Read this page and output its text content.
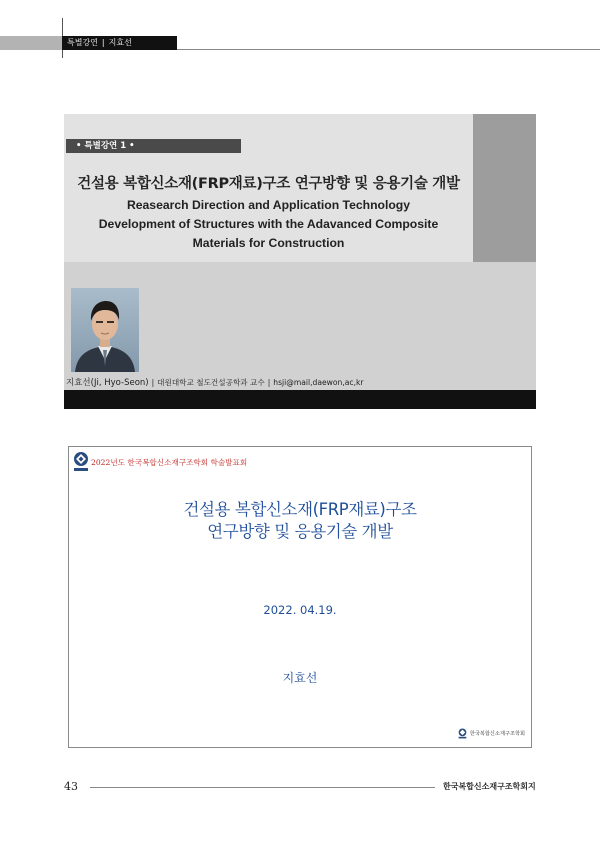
특별강연 | 지효선
• 특별강연 1 •
건설용 복합신소재(FRP재료)구조 연구방향 및 응용기술 개발
Reasearch Direction and Application Technology
Development of Structures with the Adavanced Composite
Materials for Construction
지효선(Ji, Hyo-Seon) | 대원대학교 철도건설공학과 교수 | hsji@mail,daewon,ac,kr
2022년도 한국복합신소재구조학회 학술발표회
건설용 복합신소재(FRP재료)구조
연구방향 및 응용기술 개발
2022. 04.19.
지효선
한국복합신소재구조학회
43	한국복합신소재구조학회지
